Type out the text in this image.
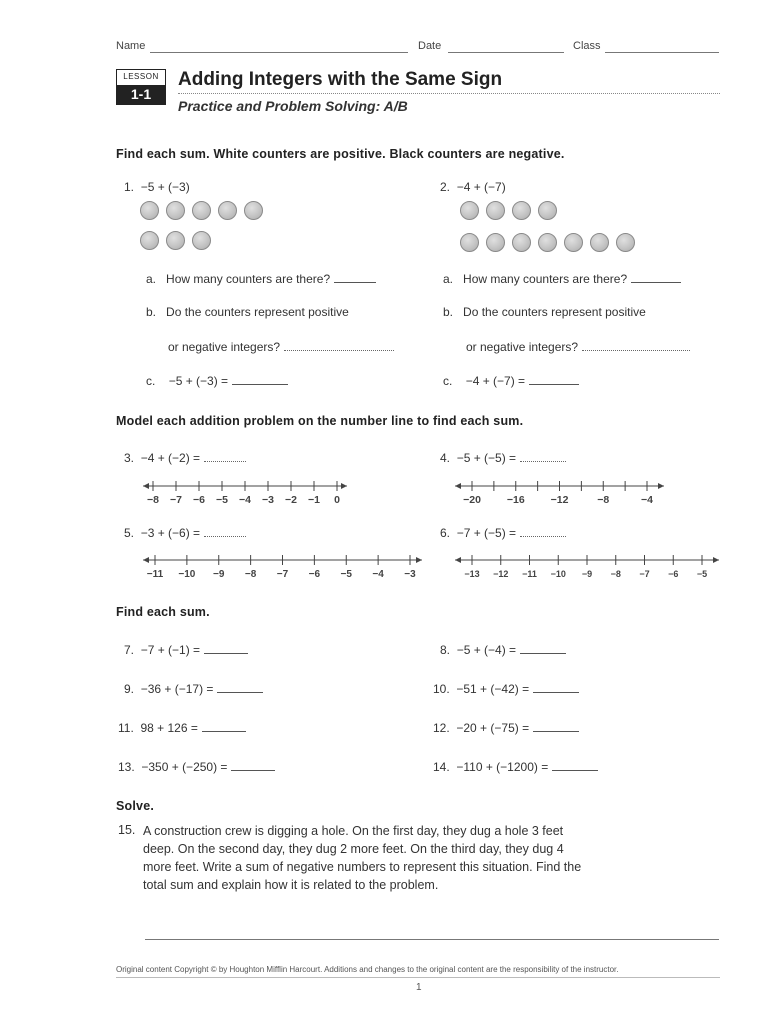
Name	Date	Class
LESSON
1-1
Adding Integers with the Same Sign
Practice and Problem Solving: A/B
Find each sum. White counters are positive. Black counters are negative.
1. −5 + (−3)
a. How many counters are there?
b. Do the counters represent positive
or negative integers?
c. −5 + (−3) =
2. −4 + (−7)
a. How many counters are there?
b. Do the counters represent positive
or negative integers?
c. −4 + (−7) =
Model each addition problem on the number line to find each sum.
3. −4 + (−2) =
−8 −7 −6 −5 −4 −3 −2 −1 0
4. −5 + (−5) =
−20 −16 −12	−8	−4
5. −3 + (−6) =
−11 −10 −9 −8 −7 −6 −5 −4 −3
6. −7 + (−5) =
−13 −12 −11 −10 −9 −8 −7 −6 −5
Find each sum.
7. −7 + (−1) =	8. −5 + (−4) =
9. −36 + (−17) =	10. −51 + (−42) =
11. 98 + 126 =	12. −20 + (−75) =
13. −350 + (−250) =	14. −110 + (−1200) =
Solve.
15. A construction crew is digging a hole. On the first day, they dug a hole 3 feet deep. On the second day, they dug 2 more feet. On the third day, they dug 4 more feet. Write a sum of negative numbers to represent this situation. Find the total sum and explain how it is related to the problem.
Original content Copyright © by Houghton Mifflin Harcourt. Additions and changes to the original content are the responsibility of the instructor.
1
